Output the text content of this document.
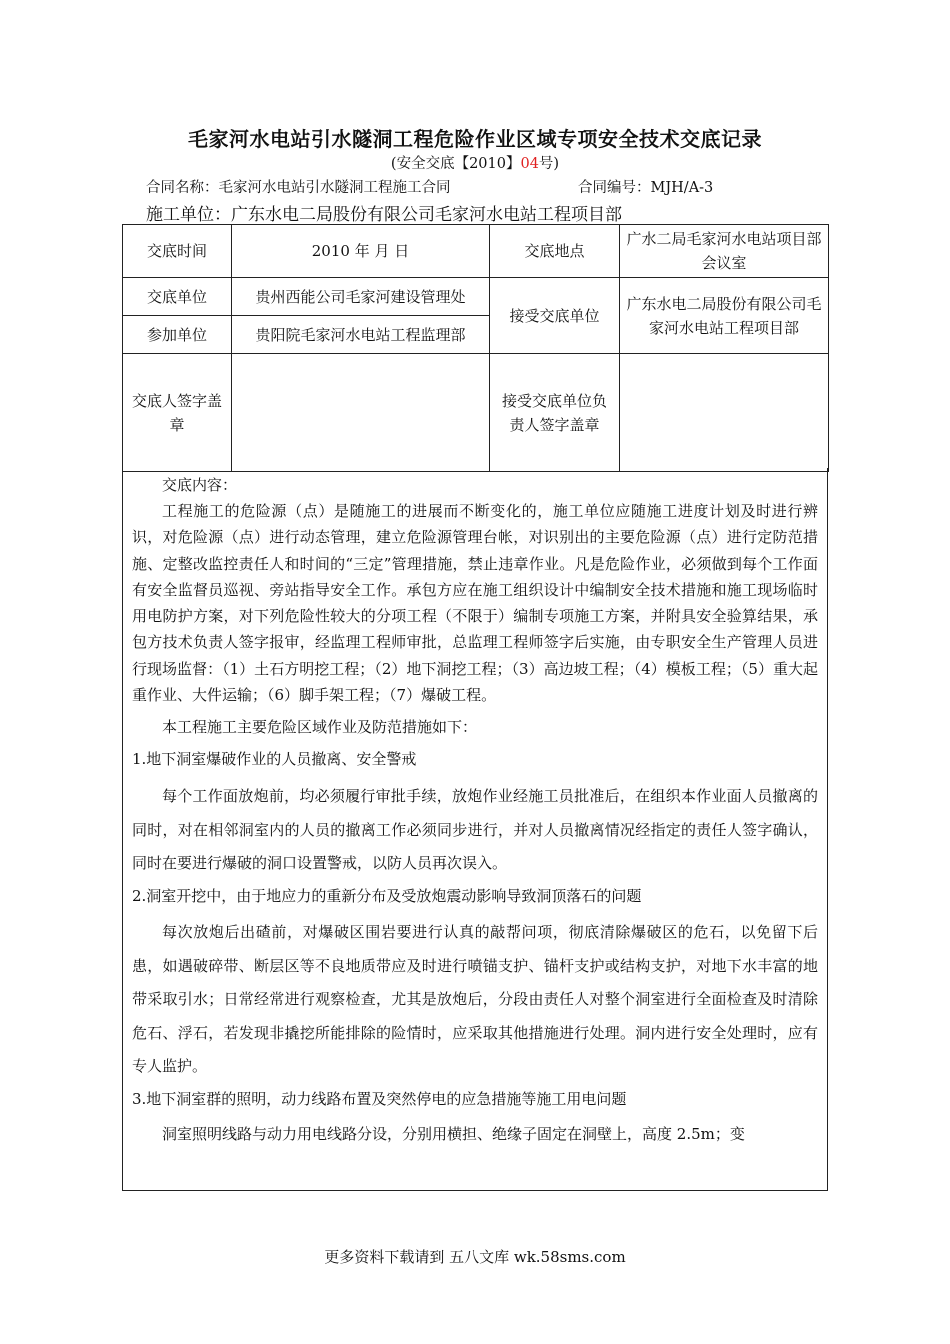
毛家河水电站引水隧洞工程危险作业区域专项安全技术交底记录
(安全交底【2010】04号)
合同名称：毛家河水电站引水隧洞工程施工合同	合同编号：MJH/A-3
施工单位：广东水电二局股份有限公司毛家河水电站工程项目部
交底时间	2010 年 月 日	交底地点	广水二局毛家河水电站项目部会议室
交底单位	贵州西能公司毛家河建设管理处	接受交底单位	广东水电二局股份有限公司毛家河水电站工程项目部
参加单位	贵阳院毛家河水电站工程监理部		
交底人签字盖章		接受交底单位负责人签字盖章	

交底内容：

工程施工的危险源（点）是随施工的进展而不断变化的，施工单位应随施工进度计划及时进行辨识，对危险源（点）进行动态管理，建立危险源管理台帐，对识别出的主要危险源（点）进行定防范措施、定整改监控责任人和时间的“三定”管理措施，禁止违章作业。凡是危险作业，必须做到每个工作面有安全监督员巡视、旁站指导安全工作。承包方应在施工组织设计中编制安全技术措施和施工现场临时用电防护方案，对下列危险性较大的分项工程（不限于）编制专项施工方案，并附具安全验算结果，承包方技术负责人签字报审，经监理工程师审批，总监理工程师签字后实施，由专职安全生产管理人员进行现场监督：（1）土石方明挖工程；（2）地下洞挖工程；（3）高边坡工程；（4）模板工程；（5）重大起重作业、大件运输；（6）脚手架工程；（7）爆破工程。

本工程施工主要危险区域作业及防范措施如下：

1.地下洞室爆破作业的人员撤离、安全警戒

每个工作面放炮前，均必须履行审批手续，放炮作业经施工员批准后，在组织本作业面人员撤离的同时，对在相邻洞室内的人员的撤离工作必须同步进行，并对人员撤离情况经指定的责任人签字确认，同时在要进行爆破的洞口设置警戒，以防人员再次误入。

2.洞室开挖中，由于地应力的重新分布及受放炮震动影响导致洞顶落石的问题

每次放炮后出碴前，对爆破区围岩要进行认真的敲帮问项，彻底清除爆破区的危石，以免留下后患，如遇破碎带、断层区等不良地质带应及时进行喷锚支护、锚杆支护或结构支护，对地下水丰富的地带采取引水；日常经常进行观察检查，尤其是放炮后，分段由责任人对整个洞室进行全面检查及时清除危石、浮石，若发现非撬挖所能排除的险情时，应采取其他措施进行处理。洞内进行安全处理时，应有专人监护。

3.地下洞室群的照明，动力线路布置及突然停电的应急措施等施工用电问题

洞室照明线路与动力用电线路分设，分别用横担、绝缘子固定在洞壁上，高度 2.5m；变

更多资料下载请到 五八文库 wk.58sms.com
